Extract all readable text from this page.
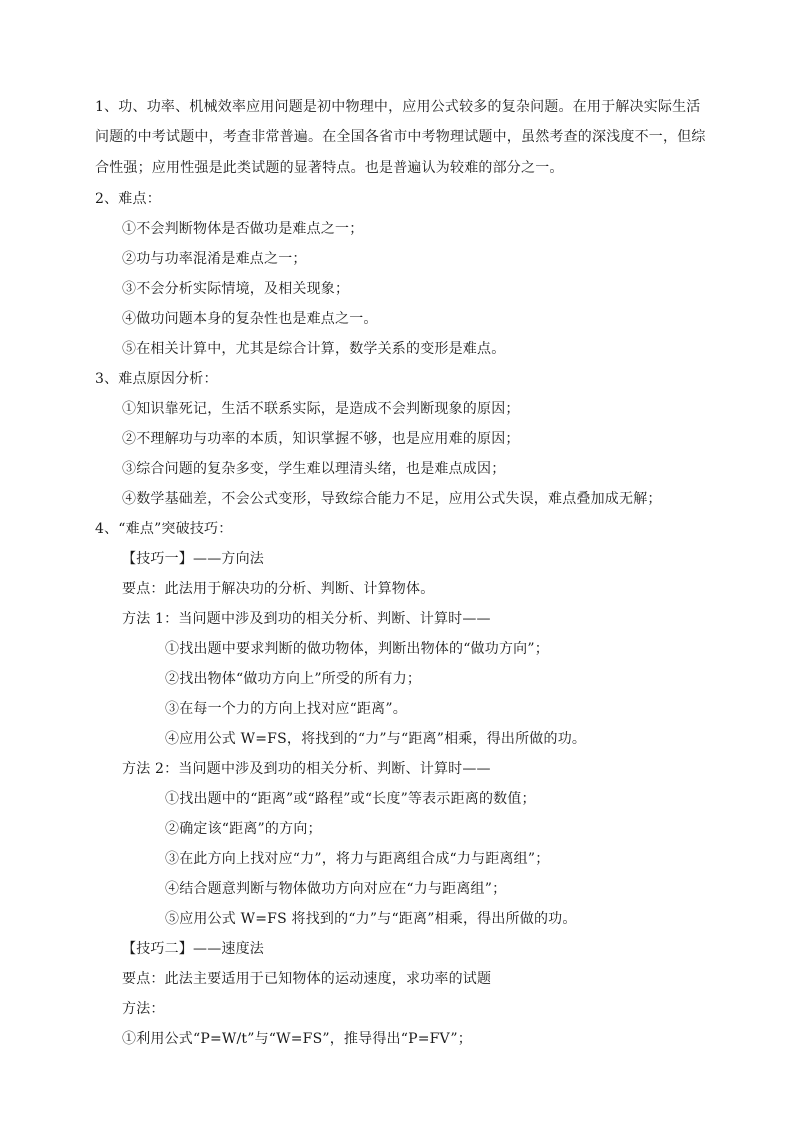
1、功、功率、机械效率应用问题是初中物理中，应用公式较多的复杂问题。在用于解决实际生活
问题的中考试题中，考查非常普遍。在全国各省市中考物理试题中，虽然考查的深浅度不一，但综
合性强；应用性强是此类试题的显著特点。也是普遍认为较难的部分之一。
2、难点：
①不会判断物体是否做功是难点之一；
②功与功率混淆是难点之一；
③不会分析实际情境，及相关现象；
④做功问题本身的复杂性也是难点之一。
⑤在相关计算中，尤其是综合计算，数学关系的变形是难点。
3、难点原因分析：
①知识靠死记，生活不联系实际，是造成不会判断现象的原因；
②不理解功与功率的本质，知识掌握不够，也是应用难的原因；
③综合问题的复杂多变，学生难以理清头绪，也是难点成因；
④数学基础差，不会公式变形，导致综合能力不足，应用公式失误，难点叠加成无解；
4、“难点”突破技巧：
【技巧一】——方向法
要点：此法用于解决功的分析、判断、计算物体。
方法 1：当问题中涉及到功的相关分析、判断、计算时——
①找出题中要求判断的做功物体，判断出物体的“做功方向”；
②找出物体“做功方向上”所受的所有力；
③在每一个力的方向上找对应“距离”。
④应用公式 W=FS，将找到的“力”与“距离”相乘，得出所做的功。
方法 2：当问题中涉及到功的相关分析、判断、计算时——
①找出题中的“距离”或“路程”或“长度”等表示距离的数值；
②确定该“距离”的方向；
③在此方向上找对应“力”，将力与距离组合成“力与距离组”；
④结合题意判断与物体做功方向对应在“力与距离组”；
⑤应用公式 W=FS 将找到的“力”与“距离”相乘，得出所做的功。
【技巧二】——速度法
要点：此法主要适用于已知物体的运动速度，求功率的试题
方法：
①利用公式“P=W/t”与“W=FS”，推导得出“P=FV”；
